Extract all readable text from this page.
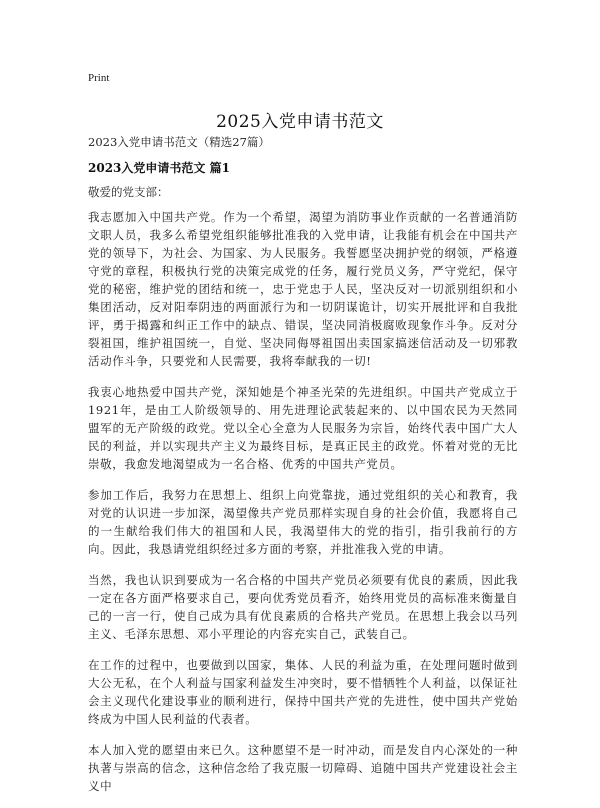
Print
2025入党申请书范文
2023入党申请书范文（精选27篇）
2023入党申请书范文 篇1
敬爱的党支部：

我志愿加入中国共产党。作为一个希望，渴望为消防事业作贡献的一名普通消防文职人员，我多么希望党组织能够批准我的入党申请，让我能有机会在中国共产党的领导下，为社会、为国家、为人民服务。我誓愿坚决拥护党的纲领，严格遵守党的章程，积极执行党的决策完成党的任务，履行党员义务，严守党纪，保守党的秘密，维护党的团结和统一，忠于党忠于人民，坚决反对一切派别组织和小集团活动，反对阳奉阴违的两面派行为和一切阴谋诡计，切实开展批评和自我批评，勇于揭露和纠正工作中的缺点、错误，坚决同消极腐败现象作斗争。反对分裂祖国，维护祖国统一，自觉、坚决同侮辱祖国出卖国家搞迷信活动及一切邪教活动作斗争，只要党和人民需要，我将奉献我的一切!

我衷心地热爱中国共产党，深知她是个神圣光荣的先进组织。中国共产党成立于1921年，是由工人阶级领导的、用先进理论武装起来的、以中国农民为天然同盟军的无产阶级的政党。党以全心全意为人民服务为宗旨，始终代表中国广大人民的利益，并以实现共产主义为最终目标，是真正民主的政党。怀着对党的无比崇敬，我愈发地渴望成为一名合格、优秀的中国共产党员。

参加工作后，我努力在思想上、组织上向党靠拢，通过党组织的关心和教育，我对党的认识进一步加深，渴望像共产党员那样实现自身的社会价值，我愿将自己的一生献给我们伟大的祖国和人民，我渴望伟大的党的指引，指引我前行的方向。因此，我恳请党组织经过多方面的考察，并批准我入党的申请。

当然，我也认识到要成为一名合格的中国共产党员必须要有优良的素质，因此我一定在各方面严格要求自己，要向优秀党员看齐，始终用党员的高标准来衡量自己的一言一行，使自己成为具有优良素质的合格共产党员。在思想上我会以马列主义、毛泽东思想、邓小平理论的内容充实自己，武装自己。

在工作的过程中，也要做到以国家，集体、人民的利益为重，在处理问题时做到大公无私，在个人利益与国家利益发生冲突时，要不惜牺牲个人利益，以保证社会主义现代化建设事业的顺利进行，保持中国共产党的先进性，使中国共产党始终成为中国人民利益的代表者。

本人加入党的愿望由来已久。这种愿望不是一时冲动，而是发自内心深处的一种执著与崇高的信念，这种信念给了我克服一切障碍、追随中国共产党建设社会主义中
